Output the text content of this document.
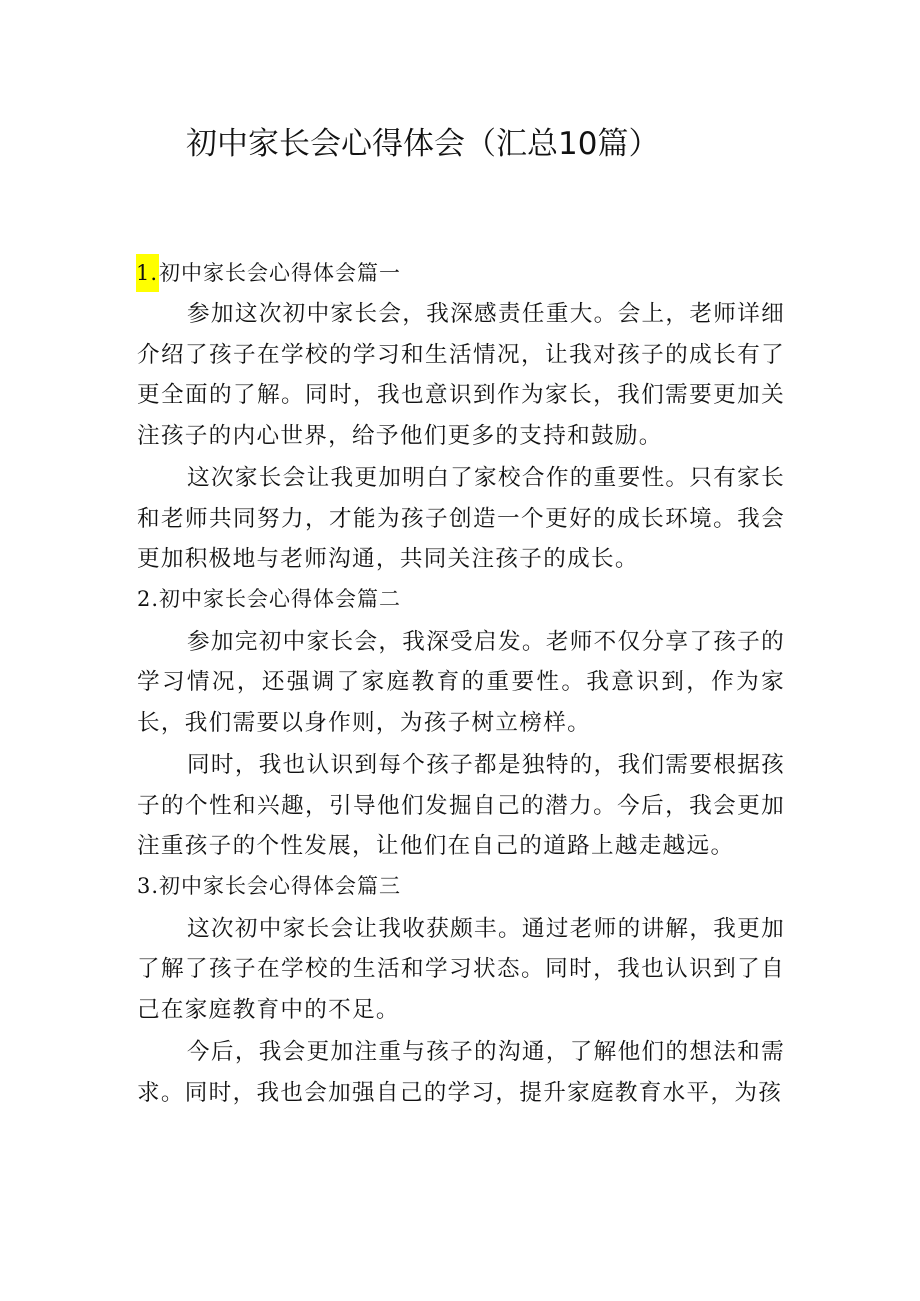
初中家长会心得体会（汇总10篇）
1.初中家长会心得体会篇一

参加这次初中家长会，我深感责任重大。会上，老师详细介绍了孩子在学校的学习和生活情况，让我对孩子的成长有了更全面的了解。同时，我也意识到作为家长，我们需要更加关注孩子的内心世界，给予他们更多的支持和鼓励。

这次家长会让我更加明白了家校合作的重要性。只有家长和老师共同努力，才能为孩子创造一个更好的成长环境。我会更加积极地与老师沟通，共同关注孩子的成长。

2.初中家长会心得体会篇二

参加完初中家长会，我深受启发。老师不仅分享了孩子的学习情况，还强调了家庭教育的重要性。我意识到，作为家长，我们需要以身作则，为孩子树立榜样。

同时，我也认识到每个孩子都是独特的，我们需要根据孩子的个性和兴趣，引导他们发掘自己的潜力。今后，我会更加注重孩子的个性发展，让他们在自己的道路上越走越远。

3.初中家长会心得体会篇三

这次初中家长会让我收获颇丰。通过老师的讲解，我更加了解了孩子在学校的生活和学习状态。同时，我也认识到了自己在家庭教育中的不足。

今后，我会更加注重与孩子的沟通，了解他们的想法和需求。同时，我也会加强自己的学习，提升家庭教育水平，为孩
